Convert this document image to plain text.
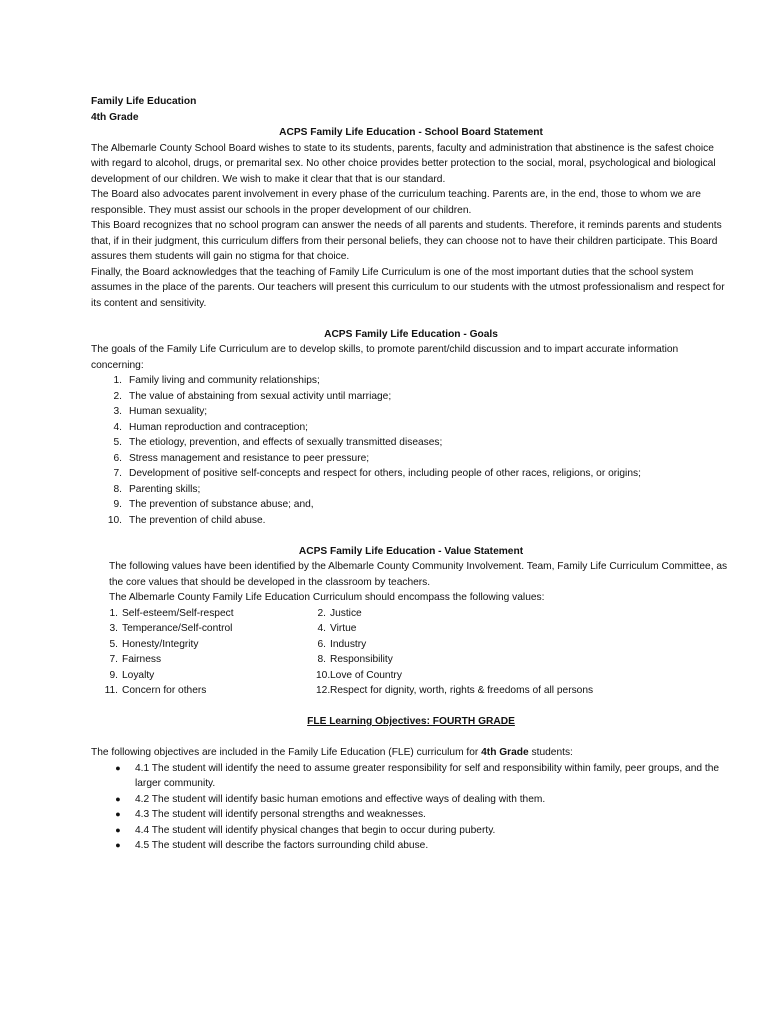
Family Life Education

4th Grade

ACPS Family Life Education - School Board Statement

The Albemarle County School Board wishes to state to its students, parents, faculty and administration that abstinence is the safest choice with regard to alcohol, drugs, or premarital sex. No other choice provides better protection to the social, moral, psychological and biological development of our children. We wish to make it clear that that is our standard.

The Board also advocates parent involvement in every phase of the curriculum teaching. Parents are, in the end, those to whom we are responsible. They must assist our schools in the proper development of our children.

This Board recognizes that no school program can answer the needs of all parents and students. Therefore, it reminds parents and students that, if in their judgment, this curriculum differs from their personal beliefs, they can choose not to have their children participate. This Board assures them students will gain no stigma for that choice.

Finally, the Board acknowledges that the teaching of Family Life Curriculum is one of the most important duties that the school system assumes in the place of the parents. Our teachers will present this curriculum to our students with the utmost professionalism and respect for its content and sensitivity.

ACPS Family Life Education - Goals

The goals of the Family Life Curriculum are to develop skills, to promote parent/child discussion and to impart accurate information concerning:

1. Family living and community relationships;
2. The value of abstaining from sexual activity until marriage;
3. Human sexuality;
4. Human reproduction and contraception;
5. The etiology, prevention, and effects of sexually transmitted diseases;
6. Stress management and resistance to peer pressure;
7. Development of positive self-concepts and respect for others, including people of other races, religions, or origins;
8. Parenting skills;
9. The prevention of substance abuse; and,
10. The prevention of child abuse.

ACPS Family Life Education - Value Statement

The following values have been identified by the Albemarle County Community Involvement. Team, Family Life Curriculum Committee, as the core values that should be developed in the classroom by teachers.

The Albemarle County Family Life Education Curriculum should encompass the following values:

1. Self-esteem/Self-respect	2. Justice
3. Temperance/Self-control	4. Virtue
5. Honesty/Integrity	6. Industry
7. Fairness	8. Responsibility
9. Loyalty	10. Love of Country
11. Concern for others	12. Respect for dignity, worth, rights & freedoms of all persons

FLE Learning Objectives: FOURTH GRADE

The following objectives are included in the Family Life Education (FLE) curriculum for 4th Grade students:

●	4.1 The student will identify the need to assume greater responsibility for self and responsibility within family, peer groups, and the larger community.
●	4.2 The student will identify basic human emotions and effective ways of dealing with them.
●	4.3 The student will identify personal strengths and weaknesses.
●	4.4 The student will identify physical changes that begin to occur during puberty.
●	4.5 The student will describe the factors surrounding child abuse.
